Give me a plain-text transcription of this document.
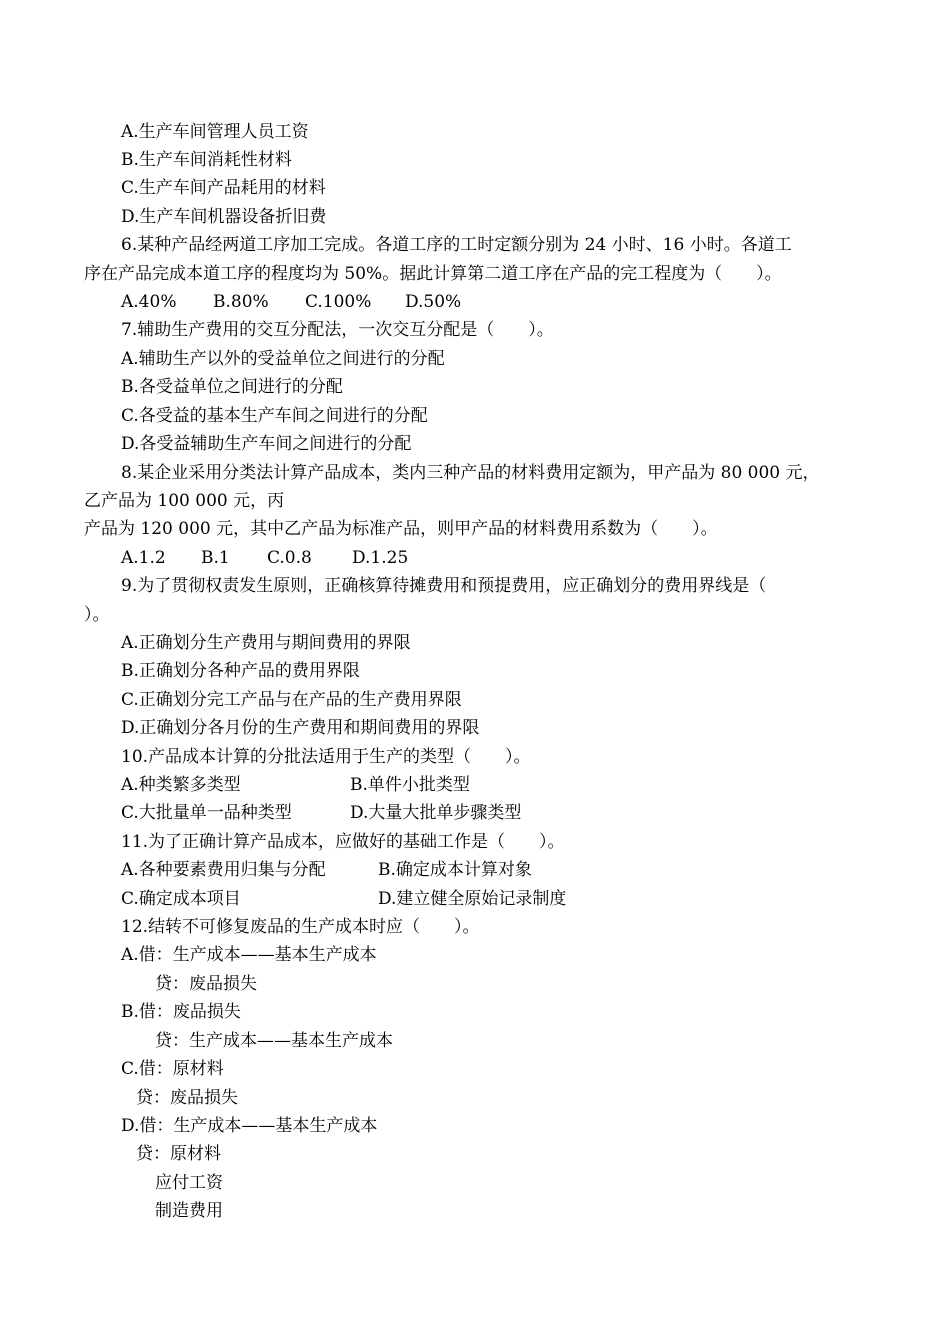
A.生产车间管理人员工资
B.生产车间消耗性材料
C.生产车间产品耗用的材料
D.生产车间机器设备折旧费
6.某种产品经两道工序加工完成。各道工序的工时定额分别为 24 小时、16 小时。各道工
序在产品完成本道工序的程度均为 50%。据此计算第二道工序在产品的完工程度为（　　）。
A.40% B.80% C.100% D.50%
7.辅助生产费用的交互分配法，一次交互分配是（　　）。
A.辅助生产以外的受益单位之间进行的分配
B.各受益单位之间进行的分配
C.各受益的基本生产车间之间进行的分配
D.各受益辅助生产车间之间进行的分配
8.某企业采用分类法计算产品成本，类内三种产品的材料费用定额为，甲产品为 80 000 元，
乙产品为 100 000 元，丙
产品为 120 000 元，其中乙产品为标准产品，则甲产品的材料费用系数为（　　）。
A.1.2 B.1 C.0.8 D.1.25
9.为了贯彻权责发生原则，正确核算待摊费用和预提费用，应正确划分的费用界线是（
）。
A.正确划分生产费用与期间费用的界限
B.正确划分各种产品的费用界限
C.正确划分完工产品与在产品的生产费用界限
D.正确划分各月份的生产费用和期间费用的界限
10.产品成本计算的分批法适用于生产的类型（　　）。
A.种类繁多类型	B.单件小批类型
C.大批量单一品种类型	D.大量大批单步骤类型
11.为了正确计算产品成本，应做好的基础工作是（　　）。
A.各种要素费用归集与分配	B.确定成本计算对象
C.确定成本项目	D.建立健全原始记录制度
12.结转不可修复废品的生产成本时应（　　）。
A.借：生产成本——基本生产成本
贷：废品损失
B.借：废品损失
贷：生产成本——基本生产成本
C.借：原材料
贷：废品损失
D.借：生产成本——基本生产成本
贷：原材料
应付工资
制造费用
